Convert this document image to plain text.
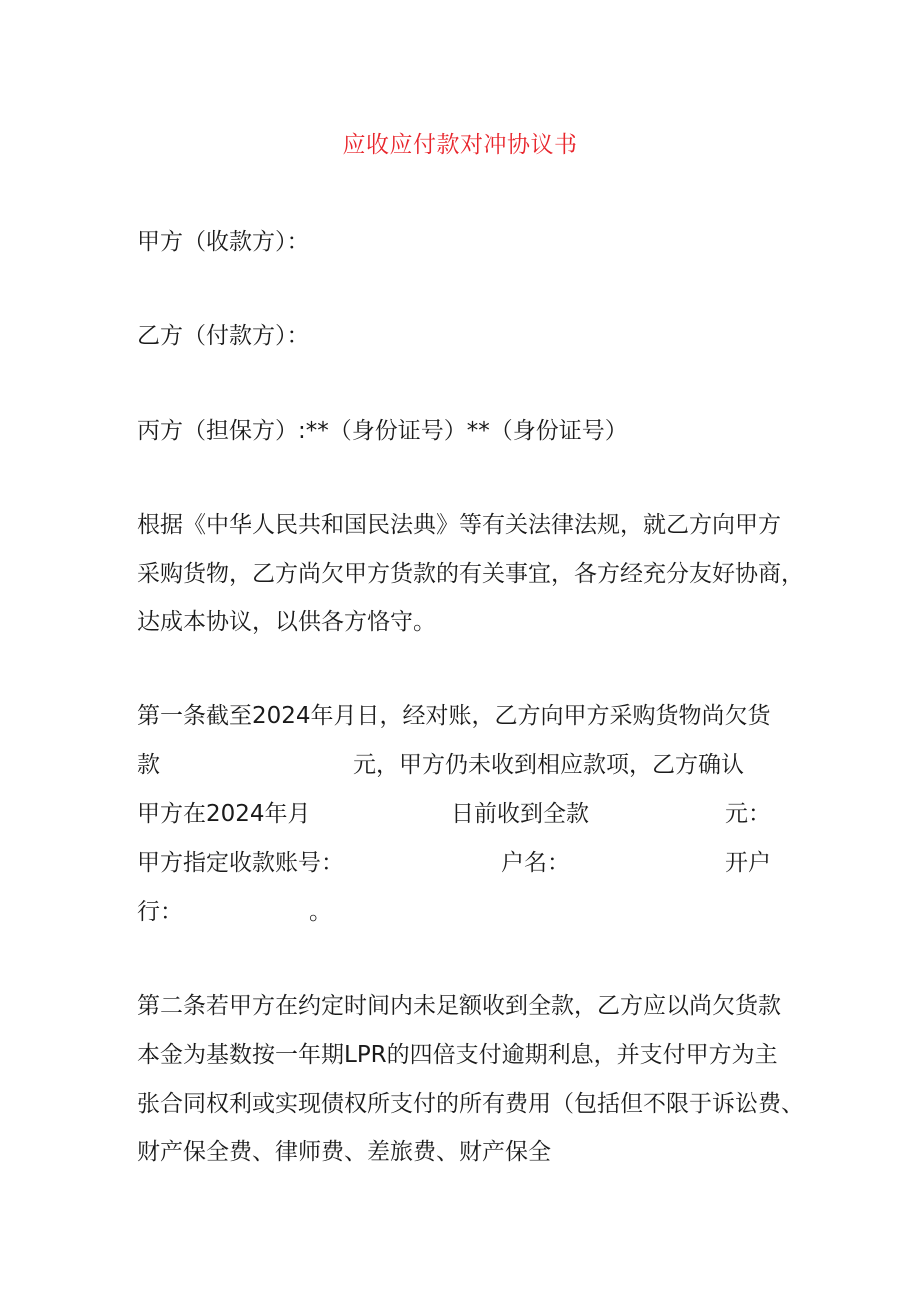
应收应付款对冲协议书
甲方（收款方）：
乙方（付款方）：
丙方（担保方）:**（身份证号）**（身份证号）
根据《中华人民共和国民法典》等有关法律法规，就乙方向甲方
采购货物，乙方尚欠甲方货款的有关事宜，各方经充分友好协商，
达成本协议，以供各方恪守。
第一条截至2024年月日，经对账，乙方向甲方采购货物尚欠货
款	元，甲方仍未收到相应款项，乙方确认
甲方在2024年月	日前收到全款	元：
甲方指定收款账号：	户名：	开户
行：	。
第二条若甲方在约定时间内未足额收到全款，乙方应以尚欠货款
本金为基数按一年期LPR的四倍支付逾期利息，并支付甲方为主
张合同权利或实现债权所支付的所有费用（包括但不限于诉讼费、
财产保全费、律师费、差旅费、财产保全
